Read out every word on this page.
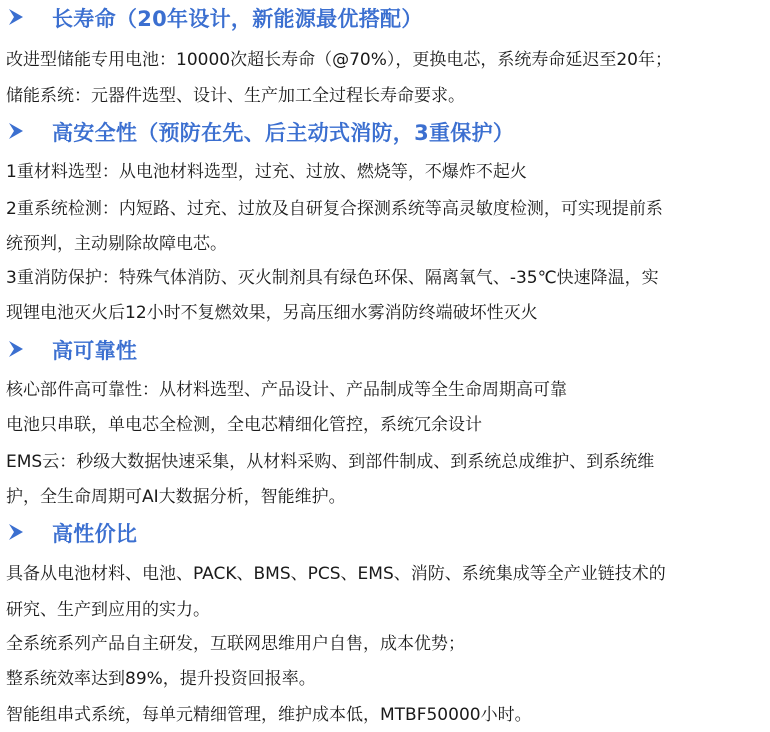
长寿命（20年设计，新能源最优搭配）
改进型储能专用电池：10000次超长寿命（@70%），更换电芯，系统寿命延迟至20年；
储能系统：元器件选型、设计、生产加工全过程长寿命要求。
高安全性（预防在先、后主动式消防，3重保护）
1重材料选型：从电池材料选型，过充、过放、燃烧等，不爆炸不起火
2重系统检测：内短路、过充、过放及自研复合探测系统等高灵敏度检测，可实现提前系
统预判，主动剔除故障电芯。
3重消防保护：特殊气体消防、灭火制剂具有绿色环保、隔离氧气、-35℃快速降温，实
现锂电池灭火后12小时不复燃效果，另高压细水雾消防终端破坏性灭火
高可靠性
核心部件高可靠性：从材料选型、产品设计、产品制成等全生命周期高可靠
电池只串联，单电芯全检测，全电芯精细化管控，系统冗余设计
EMS云：秒级大数据快速采集，从材料采购、到部件制成、到系统总成维护、到系统维
护，全生命周期可AI大数据分析，智能维护。
高性价比
具备从电池材料、电池、PACK、BMS、PCS、EMS、消防、系统集成等全产业链技术的
研究、生产到应用的实力。
全系统系列产品自主研发，互联网思维用户自售，成本优势；
整系统效率达到89%，提升投资回报率。
智能组串式系统，每单元精细管理，维护成本低，MTBF50000小时。
